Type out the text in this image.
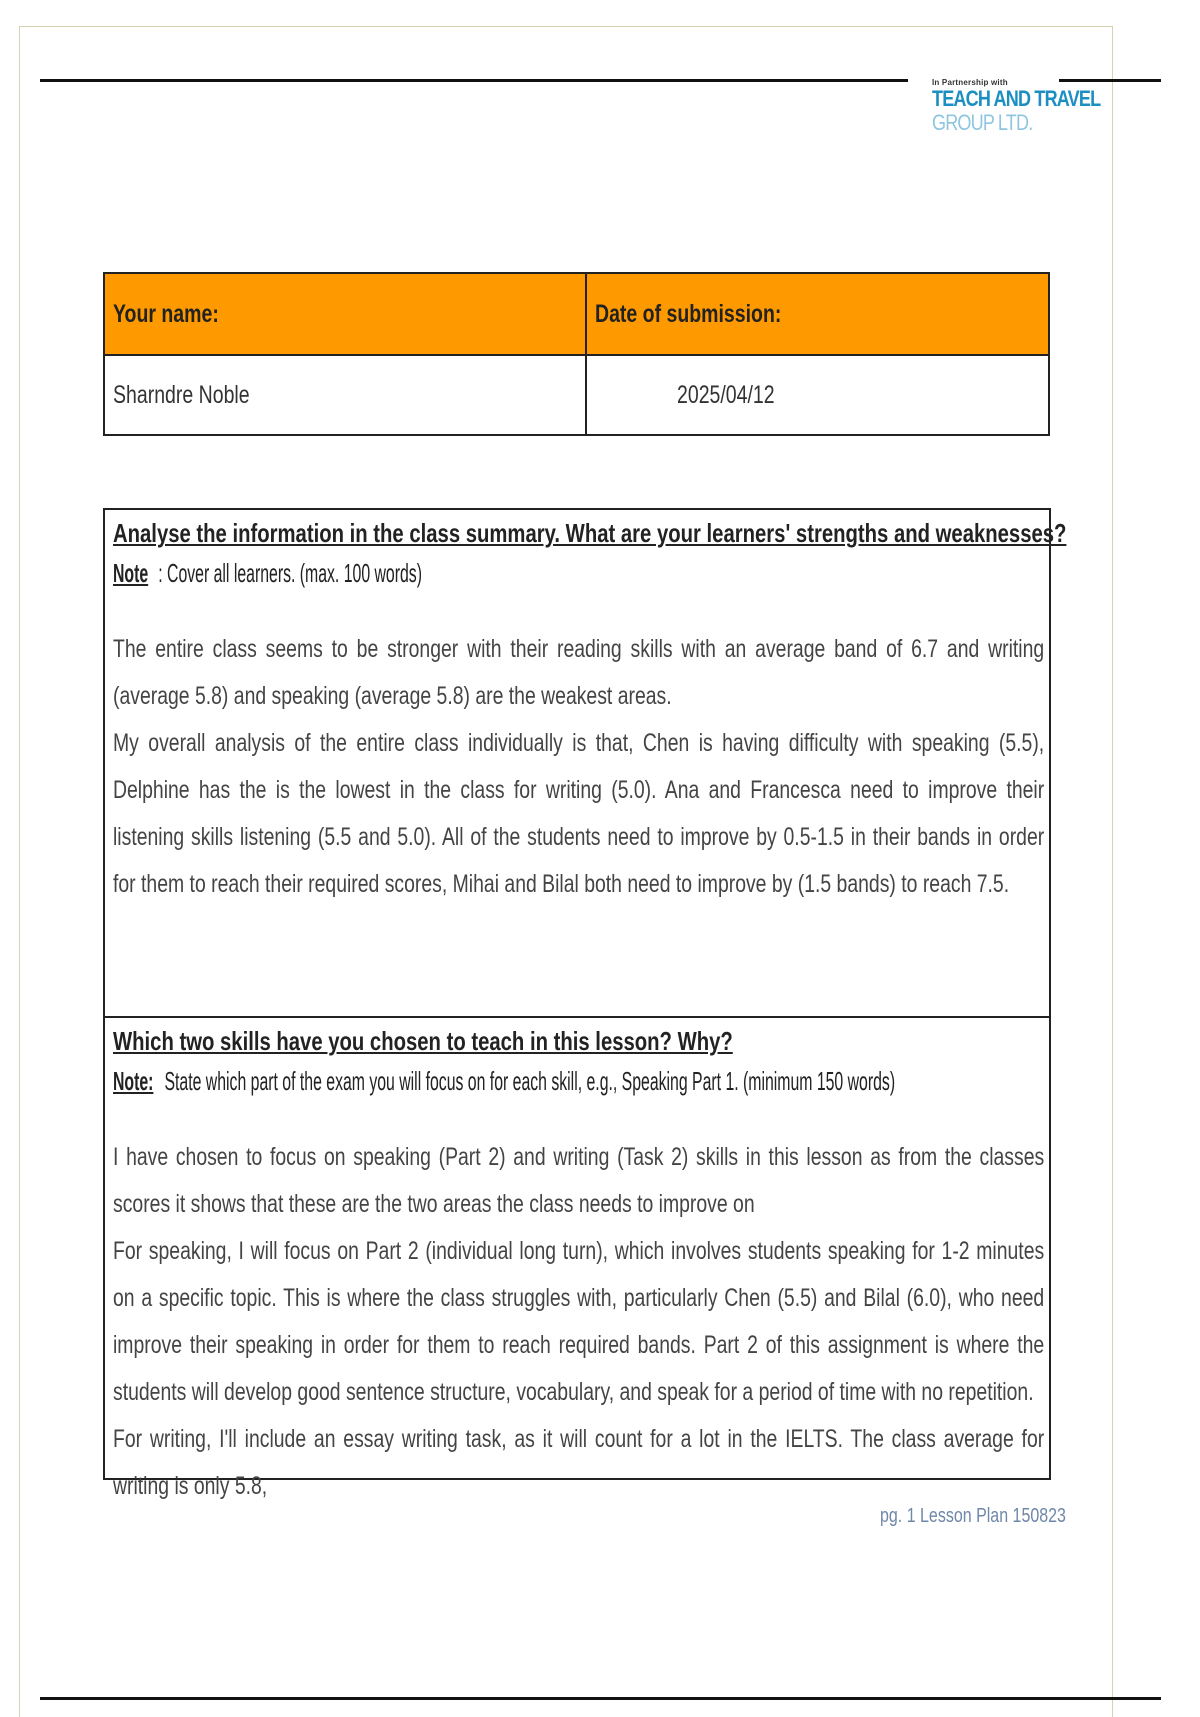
In Partnership with
TEACH AND TRAVEL
GROUP LTD.
Your name:	Date of submission:
Sharndre Noble	2025/04/12
Analyse the information in the class summary. What are your learners' strengths and weaknesses?
Note : Cover all learners. (max. 100 words)

The entire class seems to be stronger with their reading skills with an average band of 6.7 and writing (average 5.8) and speaking (average 5.8) are the weakest areas.

My overall analysis of the entire class individually is that, Chen is having difficulty with speaking (5.5), Delphine has the is the lowest in the class for writing (5.0). Ana and Francesca need to improve their listening skills listening (5.5 and 5.0). All of the students need to improve by 0.5-1.5 in their bands in order for them to reach their required scores, Mihai and Bilal both need to improve by (1.5 bands) to reach 7.5.

Which two skills have you chosen to teach in this lesson? Why?
Note:State which part of the exam you will focus on for each skill, e.g., Speaking Part 1. (minimum 150 words)

I have chosen to focus on speaking (Part 2) and writing (Task 2) skills in this lesson as from the classes scores it shows that these are the two areas the class needs to improve on

For speaking, I will focus on Part 2 (individual long turn), which involves students speaking for 1-2 minutes on a specific topic. This is where the class struggles with, particularly Chen (5.5) and Bilal (6.0), who need improve their speaking in order for them to reach required bands. Part 2 of this assignment is where the students will develop good sentence structure, vocabulary, and speak for a period of time with no repetition.

For writing, I'll include an essay writing task, as it will count for a lot in the IELTS. The class average for writing is only 5.8,

pg. 1 Lesson Plan 150823
